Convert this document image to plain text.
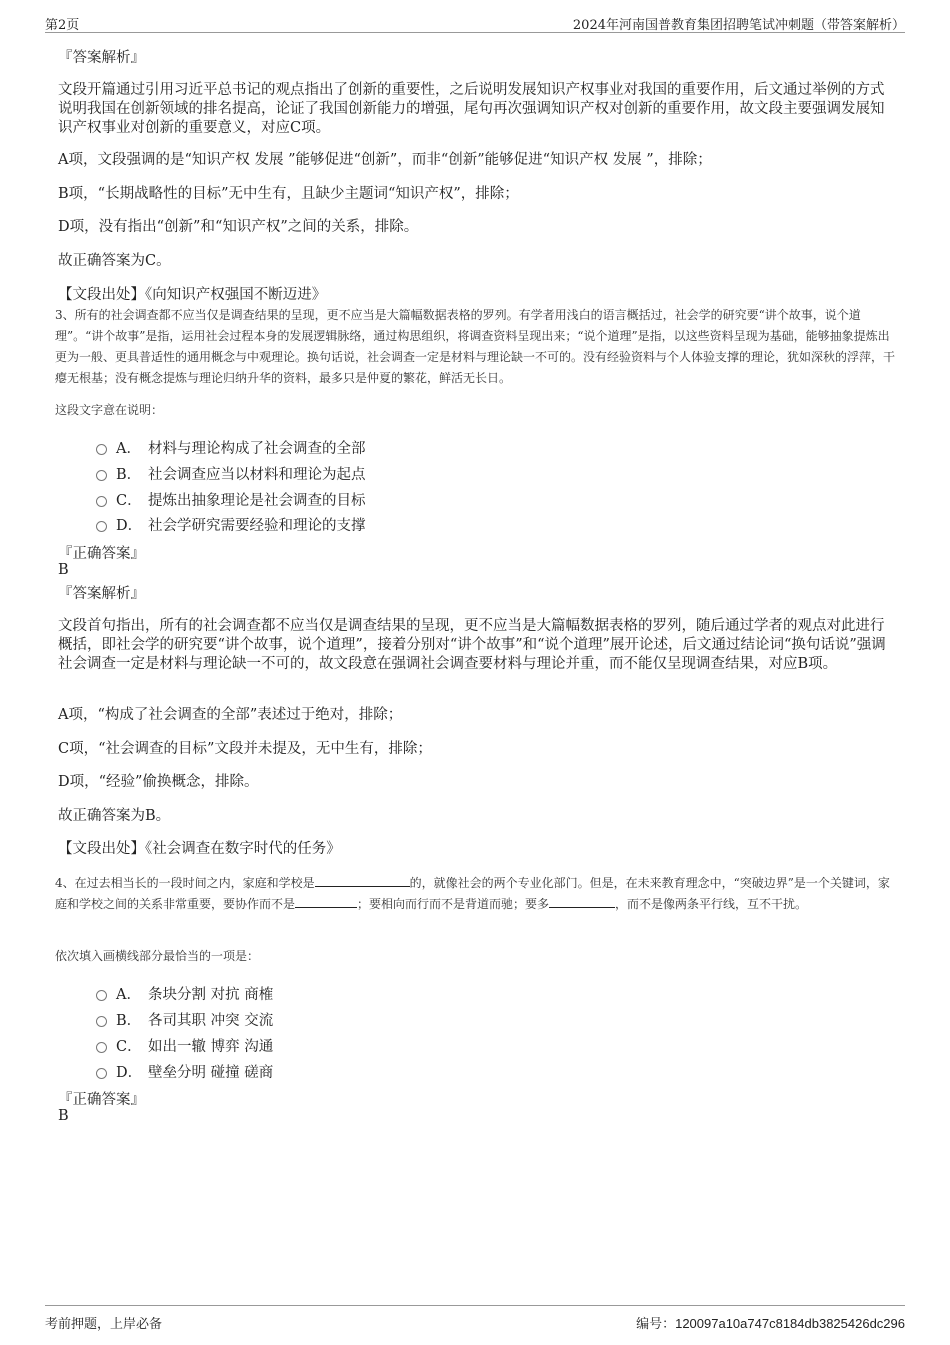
第2页	2024年河南国普教育集团招聘笔试冲刺题（带答案解析）
『答案解析』
文段开篇通过引用习近平总书记的观点指出了创新的重要性，之后说明发展知识产权事业对我国的重要作用，后文通过举例的方式说明我国在创新领域的排名提高，论证了我国创新能力的增强，尾句再次强调知识产权对创新的重要作用，故文段主要强调发展知识产权事业对创新的重要意义，对应C项。
A项，文段强调的是“知识产权 发展 ”能够促进“创新”，而非“创新”能够促进“知识产权 发展 ”，排除；
B项，“长期战略性的目标”无中生有，且缺少主题词“知识产权”，排除；
D项，没有指出“创新”和“知识产权”之间的关系，排除。
故正确答案为C。
【文段出处】《向知识产权强国不断迈进》
3、所有的社会调查都不应当仅是调查结果的呈现，更不应当是大篇幅数据表格的罗列。有学者用浅白的语言概括过，社会学的研究要“讲个故事，说个道理”。“讲个故事”是指，运用社会过程本身的发展逻辑脉络，通过构思组织，将调查资料呈现出来；“说个道理”是指，以这些资料呈现为基础，能够抽象提炼出更为一般、更具普适性的通用概念与中观理论。换句话说，社会调查一定是材料与理论缺一不可的。没有经验资料与个人体验支撑的理论，犹如深秋的浮萍，干瘪无根基；没有概念提炼与理论归纳升华的资料，最多只是仲夏的繁花，鲜活无长日。
这段文字意在说明：
A． 材料与理论构成了社会调查的全部
B． 社会调查应当以材料和理论为起点
C． 提炼出抽象理论是社会调查的目标
D． 社会学研究需要经验和理论的支撑
『正确答案』
B
『答案解析』
文段首句指出，所有的社会调查都不应当仅是调查结果的呈现，更不应当是大篇幅数据表格的罗列，随后通过学者的观点对此进行概括，即社会学的研究要“讲个故事，说个道理”，接着分别对“讲个故事”和“说个道理”展开论述，后文通过结论词“换句话说”强调社会调查一定是材料与理论缺一不可的，故文段意在强调社会调查要材料与理论并重，而不能仅呈现调查结果，对应B项。
A项，“构成了社会调查的全部”表述过于绝对，排除；
C项，“社会调查的目标”文段并未提及，无中生有，排除；
D项，“经验”偷换概念，排除。
故正确答案为B。
【文段出处】《社会调查在数字时代的任务》
4、在过去相当长的一段时间之内，家庭和学校是	的，就像社会的两个专业化部门。但是，在未来教育理念中，“突破边界”是一个关键词，家庭和学校之间的关系非常重要，要协作而不是	；要相向而行而不是背道而驰；要多	，而不是像两条平行线，互不干扰。
依次填入画横线部分最恰当的一项是：
A． 条块分割 对抗 商榷
B． 各司其职 冲突 交流
C． 如出一辙 博弈 沟通
D． 壁垒分明 碰撞 磋商
『正确答案』
B
考前押题，上岸必备	编号：120097a10a747c8184db3825426dc296
